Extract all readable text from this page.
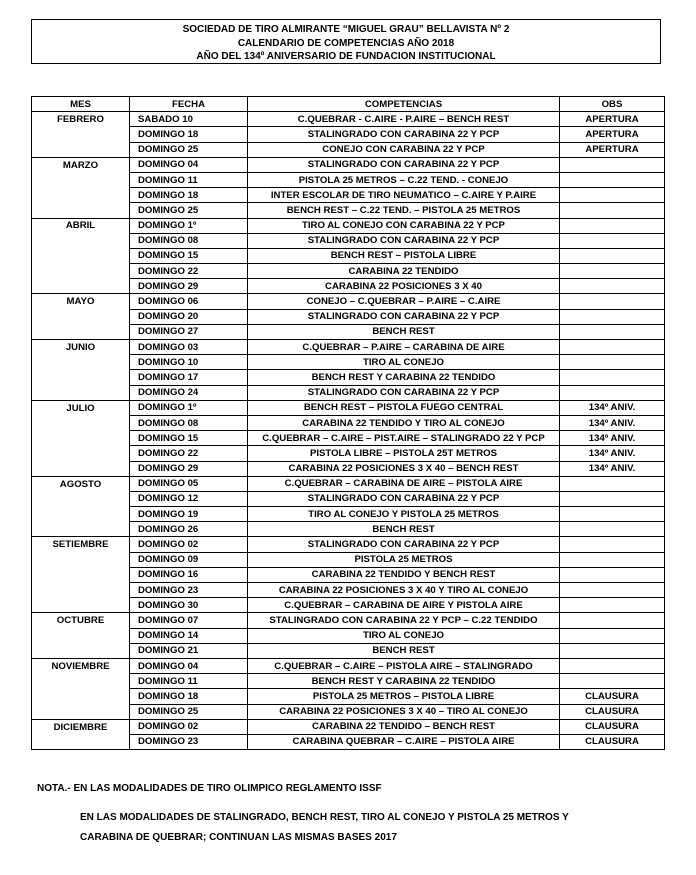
SOCIEDAD DE TIRO ALMIRANTE “MIGUEL GRAU” BELLAVISTA Nº 2
CALENDARIO DE COMPETENCIAS AÑO 2018
AÑO DEL 134º ANIVERSARIO DE FUNDACION INSTITUCIONAL
MES	FECHA	COMPETENCIAS	OBS
FEBRERO	SABADO 10	C.QUEBRAR - C.AIRE - P.AIRE – BENCH REST	APERTURA
	DOMINGO 18	STALINGRADO CON CARABINA 22 Y PCP	APERTURA
	DOMINGO 25	CONEJO CON CARABINA 22 Y PCP	APERTURA
MARZO	DOMINGO 04	STALINGRADO CON CARABINA 22 Y PCP	
	DOMINGO 11	PISTOLA 25 METROS – C.22 TEND. - CONEJO	
	DOMINGO 18	INTER ESCOLAR DE TIRO NEUMATICO – C.AIRE Y P.AIRE	
	DOMINGO 25	BENCH REST – C.22 TEND. – PISTOLA 25 METROS	
ABRIL	DOMINGO 1º	TIRO AL CONEJO CON CARABINA 22 Y PCP	
	DOMINGO 08	STALINGRADO CON CARABINA 22 Y PCP	
	DOMINGO 15	BENCH REST – PISTOLA LIBRE	
	DOMINGO 22	CARABINA 22 TENDIDO	
	DOMINGO 29	CARABINA 22 POSICIONES 3 X 40	
MAYO	DOMINGO 06	CONEJO – C.QUEBRAR – P.AIRE – C.AIRE	
	DOMINGO 20	STALINGRADO CON CARABINA 22 Y PCP	
	DOMINGO 27	BENCH REST	
JUNIO	DOMINGO 03	C.QUEBRAR – P.AIRE – CARABINA DE AIRE	
	DOMINGO 10	TIRO AL CONEJO	
	DOMINGO 17	BENCH REST Y CARABINA 22 TENDIDO	
	DOMINGO 24	STALINGRADO CON CARABINA 22 Y PCP	
JULIO	DOMINGO 1º	BENCH REST – PISTOLA FUEGO CENTRAL	134º ANIV.
	DOMINGO 08	CARABINA 22 TENDIDO Y TIRO AL CONEJO	134º ANIV.
	DOMINGO 15	C.QUEBRAR – C.AIRE – PIST.AIRE – STALINGRADO 22 Y PCP	134º ANIV.
	DOMINGO 22	PISTOLA LIBRE – PISTOLA 25T METROS	134º ANIV.
	DOMINGO 29	CARABINA 22 POSICIONES 3 X 40 – BENCH REST	134º ANIV.
AGOSTO	DOMINGO 05	C.QUEBRAR – CARABINA DE AIRE – PISTOLA AIRE	
	DOMINGO 12	STALINGRADO CON CARABINA 22 Y PCP	
	DOMINGO 19	TIRO AL CONEJO Y PISTOLA 25 METROS	
	DOMINGO 26	BENCH REST	
SETIEMBRE	DOMINGO 02	STALINGRADO CON CARABINA 22 Y PCP	
	DOMINGO 09	PISTOLA 25 METROS	
	DOMINGO 16	CARABINA 22 TENDIDO Y BENCH REST	
	DOMINGO 23	CARABINA 22 POSICIONES 3 X 40 Y TIRO AL CONEJO	
	DOMINGO 30	C.QUEBRAR – CARABINA DE AIRE Y PISTOLA AIRE	
OCTUBRE	DOMINGO 07	STALINGRADO CON CARABINA 22 Y PCP – C.22 TENDIDO	
	DOMINGO 14	TIRO AL CONEJO	
	DOMINGO 21	BENCH REST	
NOVIEMBRE	DOMINGO 04	C.QUEBRAR – C.AIRE – PISTOLA AIRE – STALINGRADO	
	DOMINGO 11	BENCH REST Y CARABINA 22 TENDIDO	
	DOMINGO 18	PISTOLA 25 METROS – PISTOLA LIBRE	CLAUSURA
	DOMINGO 25	CARABINA 22 POSICIONES 3 X 40 – TIRO AL CONEJO	CLAUSURA
DICIEMBRE	DOMINGO 02	CARABINA 22 TENDIDO – BENCH REST	CLAUSURA
	DOMINGO 23	CARABINA QUEBRAR – C.AIRE – PISTOLA AIRE	CLAUSURA
NOTA.- EN LAS MODALIDADES DE TIRO OLIMPICO REGLAMENTO ISSF
EN LAS MODALIDADES DE STALINGRADO, BENCH REST, TIRO AL CONEJO Y PISTOLA 25 METROS Y
CARABINA DE QUEBRAR; CONTINUAN LAS MISMAS BASES 2017
